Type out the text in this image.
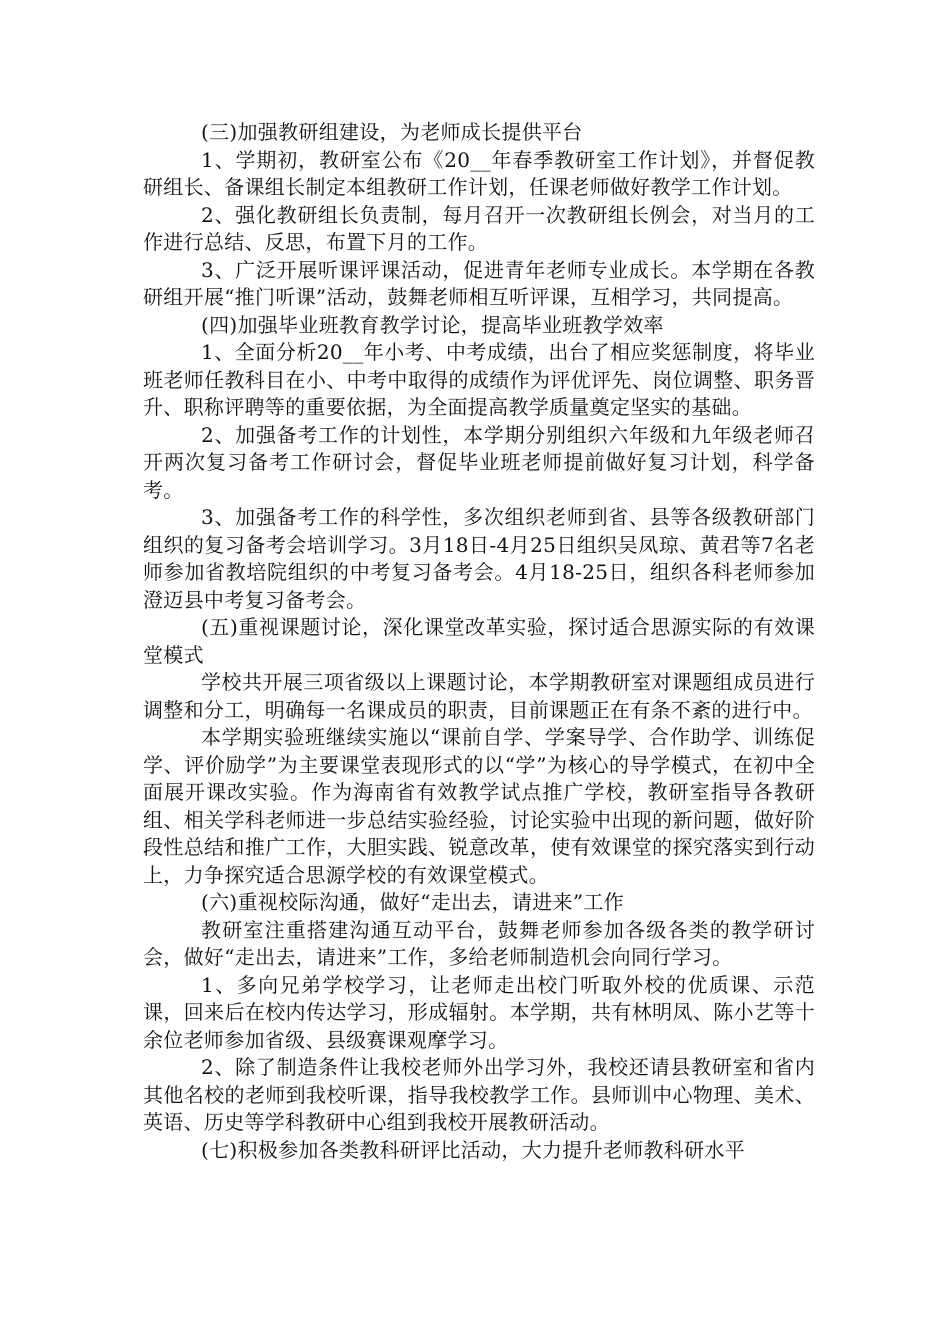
(三)加强教研组建设，为老师成长提供平台

1、学期初，教研室公布《20__年春季教研室工作计划》，并督促教研组长、备课组长制定本组教研工作计划，任课老师做好教学工作计划。

2、强化教研组长负责制，每月召开一次教研组长例会，对当月的工作进行总结、反思，布置下月的工作。

3、广泛开展听课评课活动，促进青年老师专业成长。本学期在各教研组开展“推门听课”活动，鼓舞老师相互听评课，互相学习，共同提高。

(四)加强毕业班教育教学讨论，提高毕业班教学效率

1、全面分析20__年小考、中考成绩，出台了相应奖惩制度，将毕业班老师任教科目在小、中考中取得的成绩作为评优评先、岗位调整、职务晋升、职称评聘等的重要依据，为全面提高教学质量奠定坚实的基础。

2、加强备考工作的计划性，本学期分别组织六年级和九年级老师召开两次复习备考工作研讨会，督促毕业班老师提前做好复习计划，科学备考。

3、加强备考工作的科学性，多次组织老师到省、县等各级教研部门组织的复习备考会培训学习。3月18日-4月25日组织吴凤琼、黄君等7名老师参加省教培院组织的中考复习备考会。4月18-25日，组织各科老师参加澄迈县中考复习备考会。

(五)重视课题讨论，深化课堂改革实验，探讨适合思源实际的有效课堂模式

学校共开展三项省级以上课题讨论，本学期教研室对课题组成员进行调整和分工，明确每一名课成员的职责，目前课题正在有条不紊的进行中。

本学期实验班继续实施以“课前自学、学案导学、合作助学、训练促学、评价励学”为主要课堂表现形式的以“学”为核心的导学模式，在初中全面展开课改实验。作为海南省有效教学试点推广学校，教研室指导各教研组、相关学科老师进一步总结实验经验，讨论实验中出现的新问题，做好阶段性总结和推广工作，大胆实践、锐意改革，使有效课堂的探究落实到行动上，力争探究适合思源学校的有效课堂模式。

(六)重视校际沟通，做好“走出去，请进来”工作

教研室注重搭建沟通互动平台，鼓舞老师参加各级各类的教学研讨会，做好“走出去，请进来”工作，多给老师制造机会向同行学习。

1、多向兄弟学校学习，让老师走出校门听取外校的优质课、示范课，回来后在校内传达学习，形成辐射。本学期，共有林明凤、陈小艺等十余位老师参加省级、县级赛课观摩学习。

2、除了制造条件让我校老师外出学习外，我校还请县教研室和省内其他名校的老师到我校听课，指导我校教学工作。县师训中心物理、美术、英语、历史等学科教研中心组到我校开展教研活动。

(七)积极参加各类教科研评比活动，大力提升老师教科研水平
